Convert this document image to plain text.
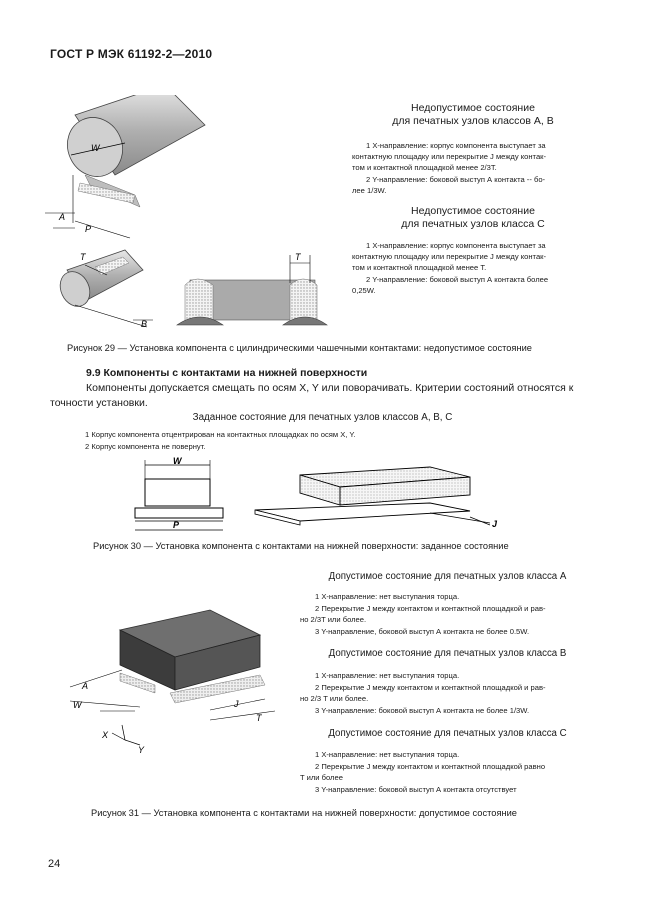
ГОСТ Р МЭК 61192-2—2010
W
A
P
T
B
T
Недопустимое состояние
для печатных узлов классов А, В
1 Х-направление: корпус компонента выступает за
контактную площадку или перекрытие J между контак-
том и контактной площадкой менее 2/3T.
2 Y-направление: боковой выступ А контакта -- бо-
лее 1/3W.
Недопустимое состояние
для печатных узлов класса С
1 Х-направление: корпус компонента выступает за
контактную площадку или перекрытие J между контак-
том и контактной площадкой менее T.
2 Y-направление: боковой выступ А контакта более
0,25W.
Рисунок 29 — Установка компонента с цилиндрическими чашечными контактами: недопустимое состояние
9.9 Компоненты с контактами на нижней поверхности
Компоненты допускается смещать по осям X, Y или поворачивать. Критерии состояний относятся к
точности установки.
Заданное состояние для печатных узлов классов А, В, С
1 Корпус компонента отцентрирован на контактных площадках по осям X, Y.
2 Корпус компонента не повернут.
W
P	J
Рисунок 30 — Установка компонента с контактами на нижней поверхности: заданное состояние
A
W	J
T
X
Y
Допустимое состояние для печатных узлов класса А
1 Х-направление: нет выступания торца.
2 Перекрытие J между контактом и контактной площадкой и рав-
но 2/3T или более.
3 Y-направление, боковой выступ А контакта не более 0.5W.
Допустимое состояние для печатных узлов класса В
1 Х-направление: нет выступания торца.
2 Перекрытие J между контактом и контактной площадкой и рав-
но 2/3 T или более.
3 Y-направление: боковой выступ А контакта не более 1/3W.
Допустимое состояние для печатных узлов класса С
1 Х-направление: нет выступания торца.
2 Перекрытие J между контактом и контактной площадкой равно
T или более
3 Y-направление: боковой выступ А контакта отсутствует
Рисунок 31 — Установка компонента с контактами на нижней поверхности: допустимое состояние
24
